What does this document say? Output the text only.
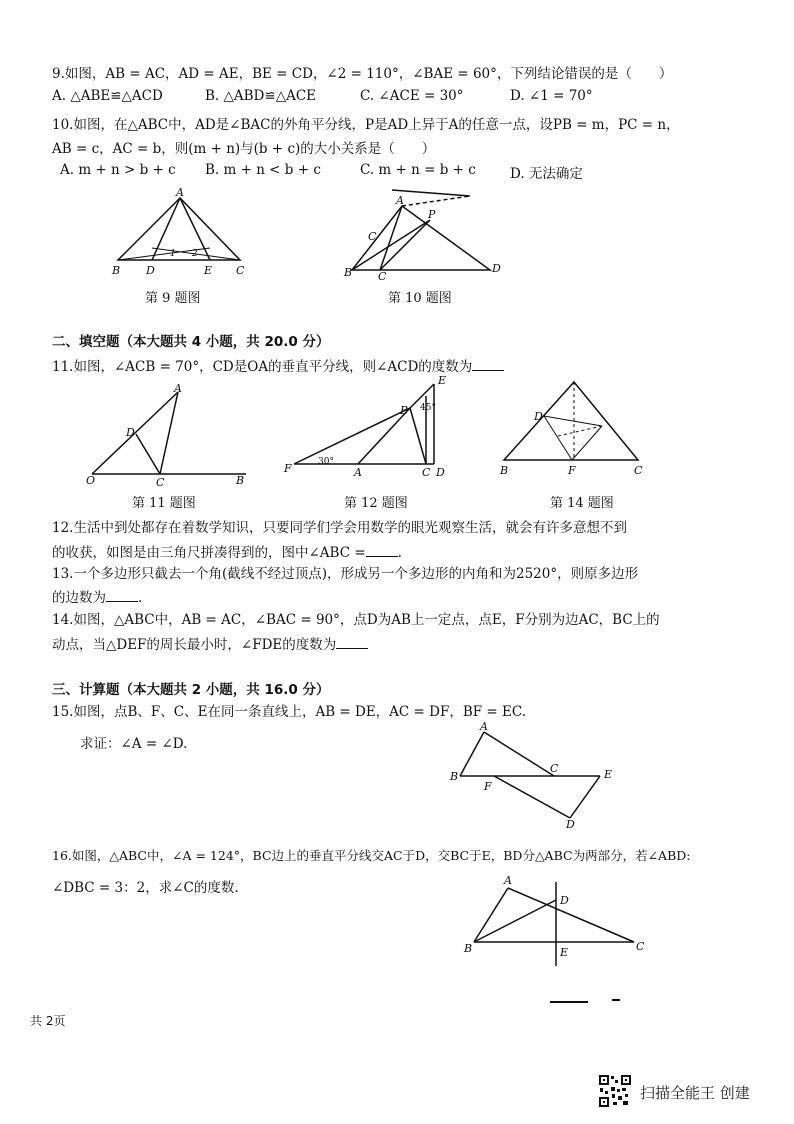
9.如图，AB = AC，AD = AE，BE = CD，∠2 = 110°，∠BAE = 60°，下列结论错误的是（　　）
A. △ABE≌△ACD	B. △ABD≌△ACE	C. ∠ACE = 30°	D. ∠1 = 70°
10.如图，在△ABC中，AD是∠BAC的外角平分线，P是AD上异于A的任意一点，设PB = m，PC = n，
AB = c，AC = b，则(m + n)与(b + c)的大小关系是（　　）
A. m + n > b + c B. m + n < b + c	C. m + n = b + c	D. 无法确定
A
B D	E C
1 2
第 9 题图
A
P
B C
D
C
第 10 题图
二、填空题（本大题共 4 小题，共 20.0 分）
11.如图，∠ACB = 70°，CD是OA的垂直平分线，则∠ACD的度数为
A
D
O	C	B
第 11 题图
E
B
F	A	C D
45°
30°
第 12 题图
D
B	F	C
第 14 题图
12.生活中到处都存在着数学知识，只要同学们学会用数学的眼光观察生活，就会有许多意想不到
的收获，如图是由三角尺拼凑得到的，图中∠ABC = .
13.一个多边形只截去一个角(截线不经过顶点)，形成另一个多边形的内角和为2520°，则原多边形
的边数为 .
14.如图，△ABC中，AB = AC，∠BAC = 90°，点D为AB上一定点，点E，F分别为边AC，BC上的
动点，当△DEF的周长最小时，∠FDE的度数为
三、计算题（本大题共 2 小题，共 16.0 分）
15.如图，点B、F、C、E在同一条直线上，AB = DE，AC = DF，BF = EC.
求证：∠A = ∠D.
A
B
F
C	E
D
16.如图，△ABC中，∠A = 124°，BC边上的垂直平分线交AC于D，交BC于E，BD分△ABC为两部分，若∠ABD:
∠DBC = 3：2，求∠C的度数.	A
D
B	E	C
共 2页
扫描全能王 创建
